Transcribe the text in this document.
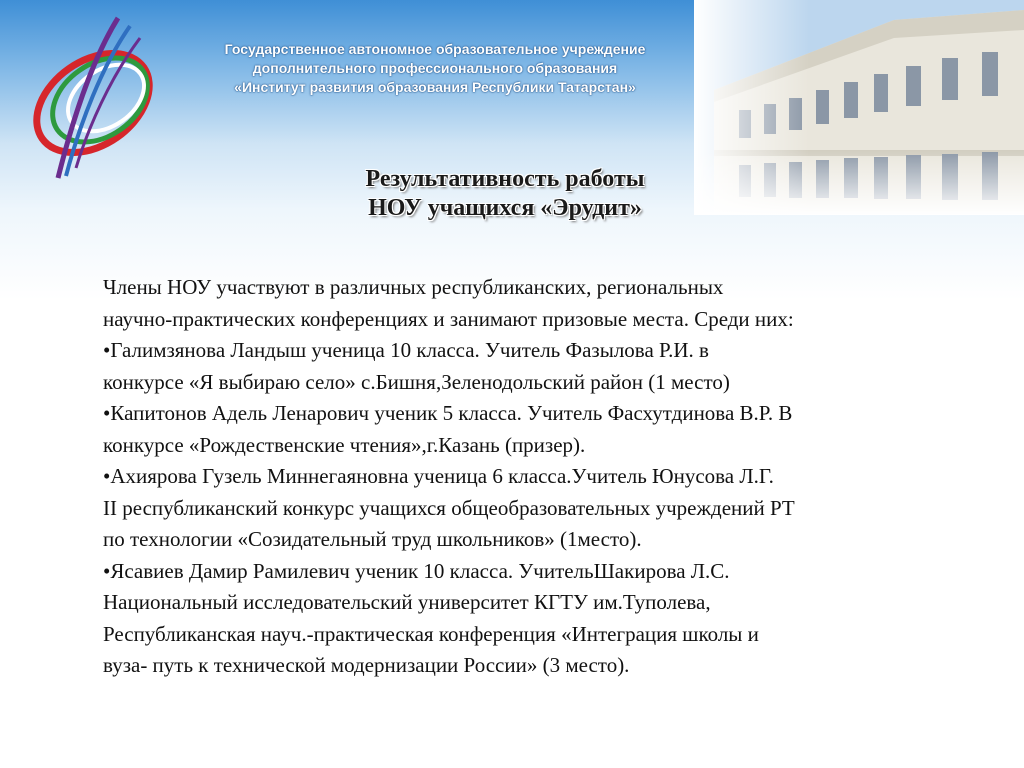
Государственное автономное образовательное учреждение
дополнительного профессионального образования
«Институт развития образования Республики Татарстан»
Результативность работы
НОУ учащихся «Эрудит»
Члены НОУ участвуют в различных республиканских, региональных
научно-практических конференциях и занимают призовые места. Среди них:
•Галимзянова Ландыш ученица 10 класса. Учитель Фазылова Р.И. в
конкурсе «Я выбираю село» с.Бишня,Зеленодольский район (1 место)
•Капитонов Адель Ленарович ученик 5 класса. Учитель Фасхутдинова В.Р. В
конкурсе «Рождественские чтения»,г.Казань (призер).
•Ахиярова Гузель Миннегаяновна ученица 6 класса.Учитель Юнусова Л.Г.
II республиканский конкурс учащихся общеобразовательных учреждений РТ
по технологии «Созидательный труд школьников» (1место).
•Ясавиев Дамир Рамилевич ученик 10 класса. УчительШакирова Л.С.
Национальный исследовательский университет КГТУ им.Туполева,
Республиканская науч.-практическая конференция «Интеграция школы и
вуза- путь к технической модернизации России» (3 место).
